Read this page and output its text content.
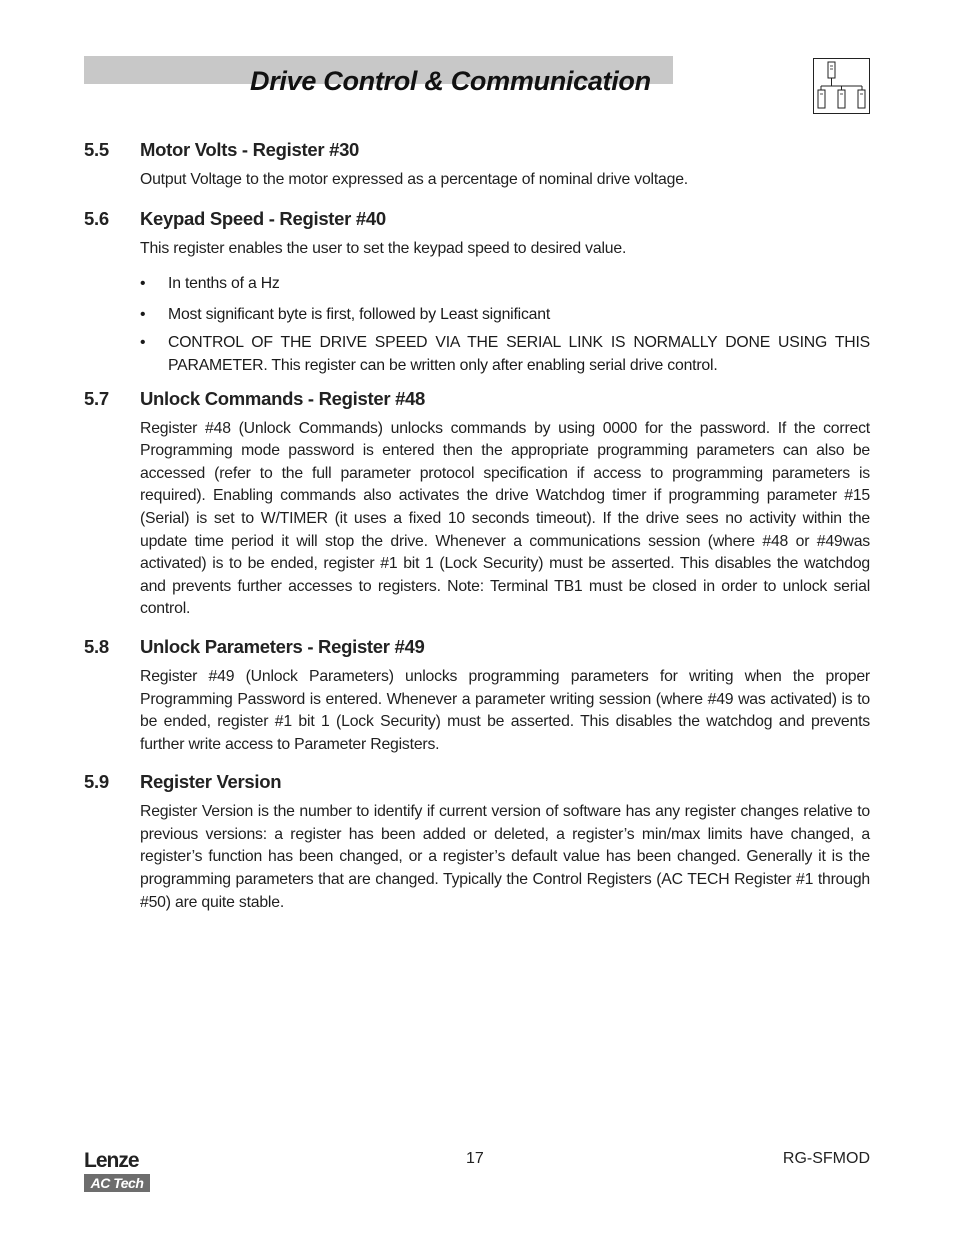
Drive Control & Communication
5.5	Motor Volts - Register #30

Output Voltage to the motor expressed as a percentage of nominal drive voltage.

5.6	Keypad Speed - Register #40

This register enables the user to set the keypad speed to desired value.

• In tenths of a Hz
• Most significant byte is first, followed by Least significant
• CONTROL OF THE DRIVE SPEED VIA THE SERIAL LINK IS NORMALLY DONE USING THIS PARAMETER. This register can be written only after enabling serial drive control.
5.7	Unlock Commands - Register #48

Register #48 (Unlock Commands) unlocks commands by using 0000 for the password. If the correct Programming mode password is entered then the appropriate programming parameters can also be accessed (refer to the full parameter protocol specification if access to programming parameters is required). Enabling commands also activates the drive Watchdog timer if programming parameter #15 (Serial) is set to W/TIMER (it uses a fixed 10 seconds timeout). If the drive sees no activity within the update time period it will stop the drive. Whenever a communications session (where #48 or #49was activated) is to be ended, register #1 bit 1 (Lock Security) must be asserted. This disables the watchdog and prevents further accesses to registers. Note: Terminal TB1 must be closed in order to unlock serial control.

5.8	Unlock Parameters - Register #49

Register #49 (Unlock Parameters) unlocks programming parameters for writing when the proper Programming Password is entered. Whenever a parameter writing session (where #49 was activated) is to be ended, register #1 bit 1 (Lock Security) must be asserted. This disables the watchdog and prevents further write access to Parameter Registers.

5.9	Register Version

Register Version is the number to identify if current version of software has any register changes relative to previous versions: a register has been added or deleted, a register’s min/max limits have changed, a register’s function has been changed, or a register’s default value has been changed. Generally it is the programming parameters that are changed. Typically the Control Registers (AC TECH Register #1 through #50) are quite stable.

Lenze
AC Tech
17	RG-SFMOD
